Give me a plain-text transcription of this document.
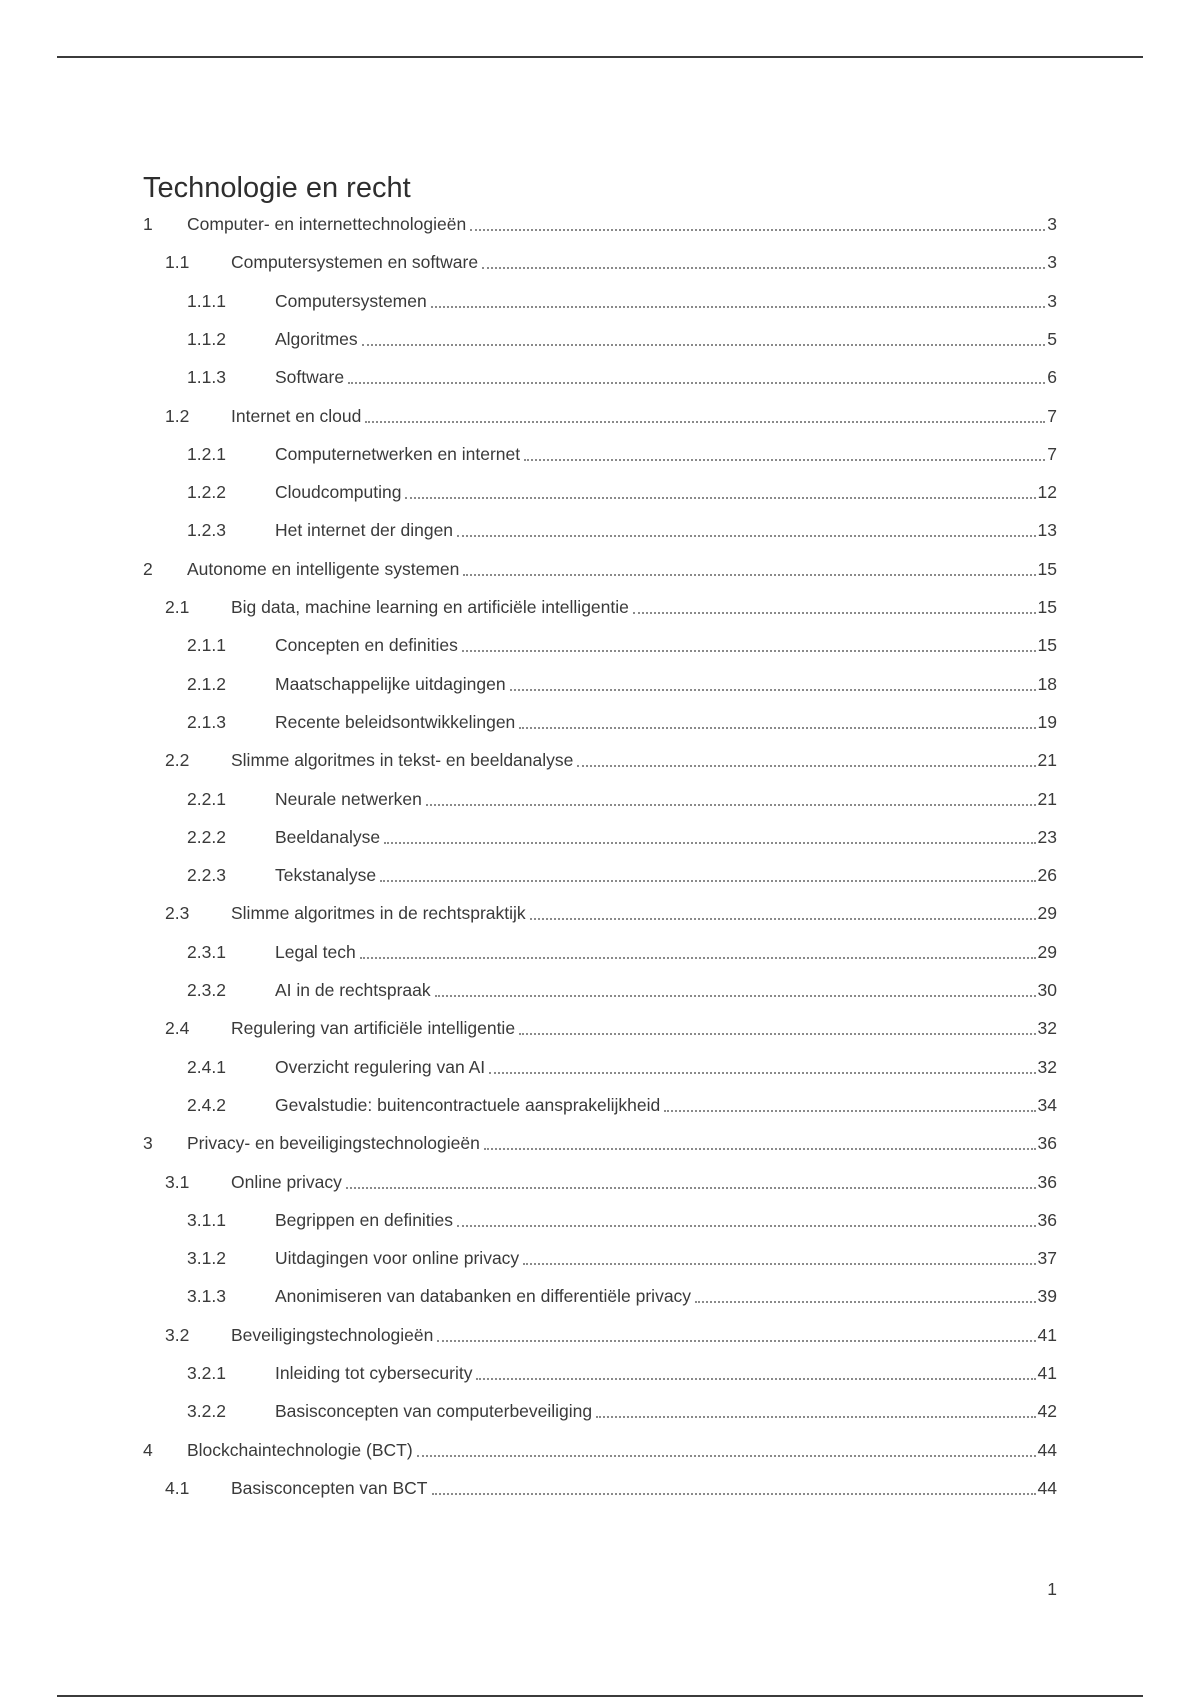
Technologie en recht
1 Computer- en internettechnologieën	3
1.1 Computersystemen en software	3
1.1.1	Computersystemen	3
1.1.2	Algoritmes	5
1.1.3	Software	6
1.2 Internet en cloud	7
1.2.1	Computernetwerken en internet	7
1.2.2	Cloudcomputing	12
1.2.3	Het internet der dingen	13
2 Autonome en intelligente systemen	15
2.1 Big data, machine learning en artificiële intelligentie	15
2.1.1	Concepten en definities	15
2.1.2	Maatschappelijke uitdagingen	18
2.1.3	Recente beleidsontwikkelingen	19
2.2 Slimme algoritmes in tekst- en beeldanalyse	21
2.2.1	Neurale netwerken	21
2.2.2	Beeldanalyse	23
2.2.3	Tekstanalyse	26
2.3 Slimme algoritmes in de rechtspraktijk	29
2.3.1	Legal tech	29
2.3.2	AI in de rechtspraak	30
2.4 Regulering van artificiële intelligentie	32
2.4.1	Overzicht regulering van AI	32
2.4.2	Gevalstudie: buitencontractuele aansprakelijkheid	34
3 Privacy- en beveiligingstechnologieën	36
3.1 Online privacy	36
3.1.1	Begrippen en definities	36
3.1.2	Uitdagingen voor online privacy	37
3.1.3	Anonimiseren van databanken en differentiële privacy	39
3.2 Beveiligingstechnologieën	41
3.2.1	Inleiding tot cybersecurity	41
3.2.2	Basisconcepten van computerbeveiliging	42
4 Blockchaintechnologie (BCT)	44
4.1 Basisconcepten van BCT	44
1
